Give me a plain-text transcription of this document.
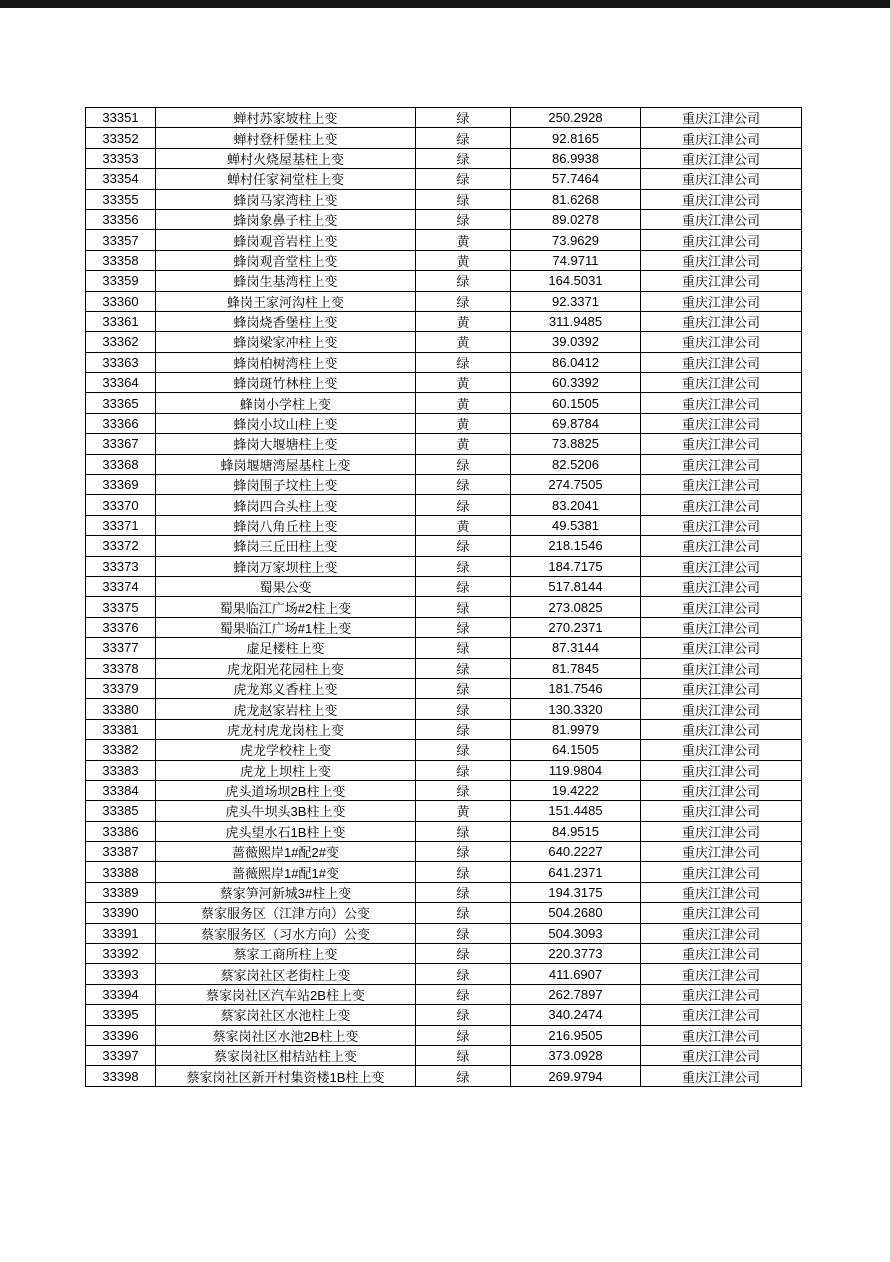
33351	蝉村苏家坡柱上变	绿	250.2928	重庆江津公司
33352	蝉村登杆堡柱上变	绿	92.8165	重庆江津公司
33353	蝉村火烧屋基柱上变	绿	86.9938	重庆江津公司
33354	蝉村任家祠堂柱上变	绿	57.7464	重庆江津公司
33355	蜂岗马家湾柱上变	绿	81.6268	重庆江津公司
33356	蜂岗象鼻子柱上变	绿	89.0278	重庆江津公司
33357	蜂岗观音岩柱上变	黄	73.9629	重庆江津公司
33358	蜂岗观音堂柱上变	黄	74.9711	重庆江津公司
33359	蜂岗生基湾柱上变	绿	164.5031	重庆江津公司
33360	蜂岗王家河沟柱上变	绿	92.3371	重庆江津公司
33361	蜂岗烧香堡柱上变	黄	311.9485	重庆江津公司
33362	蜂岗梁家冲柱上变	黄	39.0392	重庆江津公司
33363	蜂岗柏树湾柱上变	绿	86.0412	重庆江津公司
33364	蜂岗斑竹林柱上变	黄	60.3392	重庆江津公司
33365	蜂岗小学柱上变	黄	60.1505	重庆江津公司
33366	蜂岗小坟山柱上变	黄	69.8784	重庆江津公司
33367	蜂岗大堰塘柱上变	黄	73.8825	重庆江津公司
33368	蜂岗堰塘湾屋基柱上变	绿	82.5206	重庆江津公司
33369	蜂岗围子坟柱上变	绿	274.7505	重庆江津公司
33370	蜂岗四合头柱上变	绿	83.2041	重庆江津公司
33371	蜂岗八角丘柱上变	黄	49.5381	重庆江津公司
33372	蜂岗三丘田柱上变	绿	218.1546	重庆江津公司
33373	蜂岗万家坝柱上变	绿	184.7175	重庆江津公司
33374	蜀果公变	绿	517.8144	重庆江津公司
33375	蜀果临江广场#2柱上变	绿	273.0825	重庆江津公司
33376	蜀果临江广场#1柱上变	绿	270.2371	重庆江津公司
33377	虚足楼柱上变	绿	87.3144	重庆江津公司
33378	虎龙阳光花园柱上变	绿	81.7845	重庆江津公司
33379	虎龙郑义香柱上变	绿	181.7546	重庆江津公司
33380	虎龙赵家岩柱上变	绿	130.3320	重庆江津公司
33381	虎龙村虎龙岗柱上变	绿	81.9979	重庆江津公司
33382	虎龙学校柱上变	绿	64.1505	重庆江津公司
33383	虎龙上坝柱上变	绿	119.9804	重庆江津公司
33384	虎头道场坝2B柱上变	绿	19.4222	重庆江津公司
33385	虎头牛坝头3B柱上变	黄	151.4485	重庆江津公司
33386	虎头望水石1B柱上变	绿	84.9515	重庆江津公司
33387	蔷薇熙岸1#配2#变	绿	640.2227	重庆江津公司
33388	蔷薇熙岸1#配1#变	绿	641.2371	重庆江津公司
33389	蔡家笋河新城3#柱上变	绿	194.3175	重庆江津公司
33390	蔡家服务区（江津方向）公变	绿	504.2680	重庆江津公司
33391	蔡家服务区（习水方向）公变	绿	504.3093	重庆江津公司
33392	蔡家工商所柱上变	绿	220.3773	重庆江津公司
33393	蔡家岗社区老街柱上变	绿	411.6907	重庆江津公司
33394	蔡家岗社区汽车站2B柱上变	绿	262.7897	重庆江津公司
33395	蔡家岗社区水池柱上变	绿	340.2474	重庆江津公司
33396	蔡家岗社区水池2B柱上变	绿	216.9505	重庆江津公司
33397	蔡家岗社区柑桔站柱上变	绿	373.0928	重庆江津公司
33398	蔡家岗社区新开村集资楼1B柱上变	绿	269.9794	重庆江津公司
